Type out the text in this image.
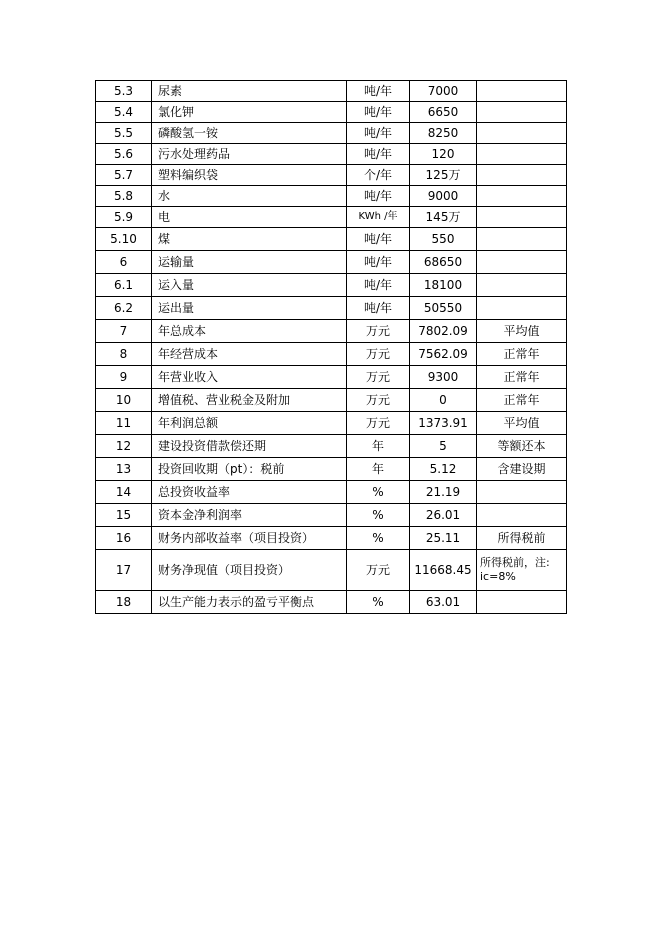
5.3	尿素	吨/年	7000	
5.4	氯化钾	吨/年	6650	
5.5	磷酸氢一铵	吨/年	8250	
5.6	污水处理药品	吨/年	120	
5.7	塑料编织袋	个/年	125万	
5.8	水	吨/年	9000	
5.9	电	KWh /年	145万	
5.10	煤	吨/年	550	
6	运输量	吨/年	68650	
6.1	运入量	吨/年	18100	
6.2	运出量	吨/年	50550	
7	年总成本	万元	7802.09	平均值
8	年经营成本	万元	7562.09	正常年
9	年营业收入	万元	9300	正常年
10	增值税、营业税金及附加	万元	0	正常年
11	年利润总额	万元	1373.91	平均值
12	建设投资借款偿还期	年	5	等额还本
13	投资回收期（pt）：税前	年	5.12	含建设期
14	总投资收益率	%	21.19	
15	资本金净利润率	%	26.01	
16	财务内部收益率（项目投资）	%	25.11	所得税前
17	财务净现值（项目投资）	万元	11668.45	所得税前，注: ic=8%
18	以生产能力表示的盈亏平衡点	%	63.01	
